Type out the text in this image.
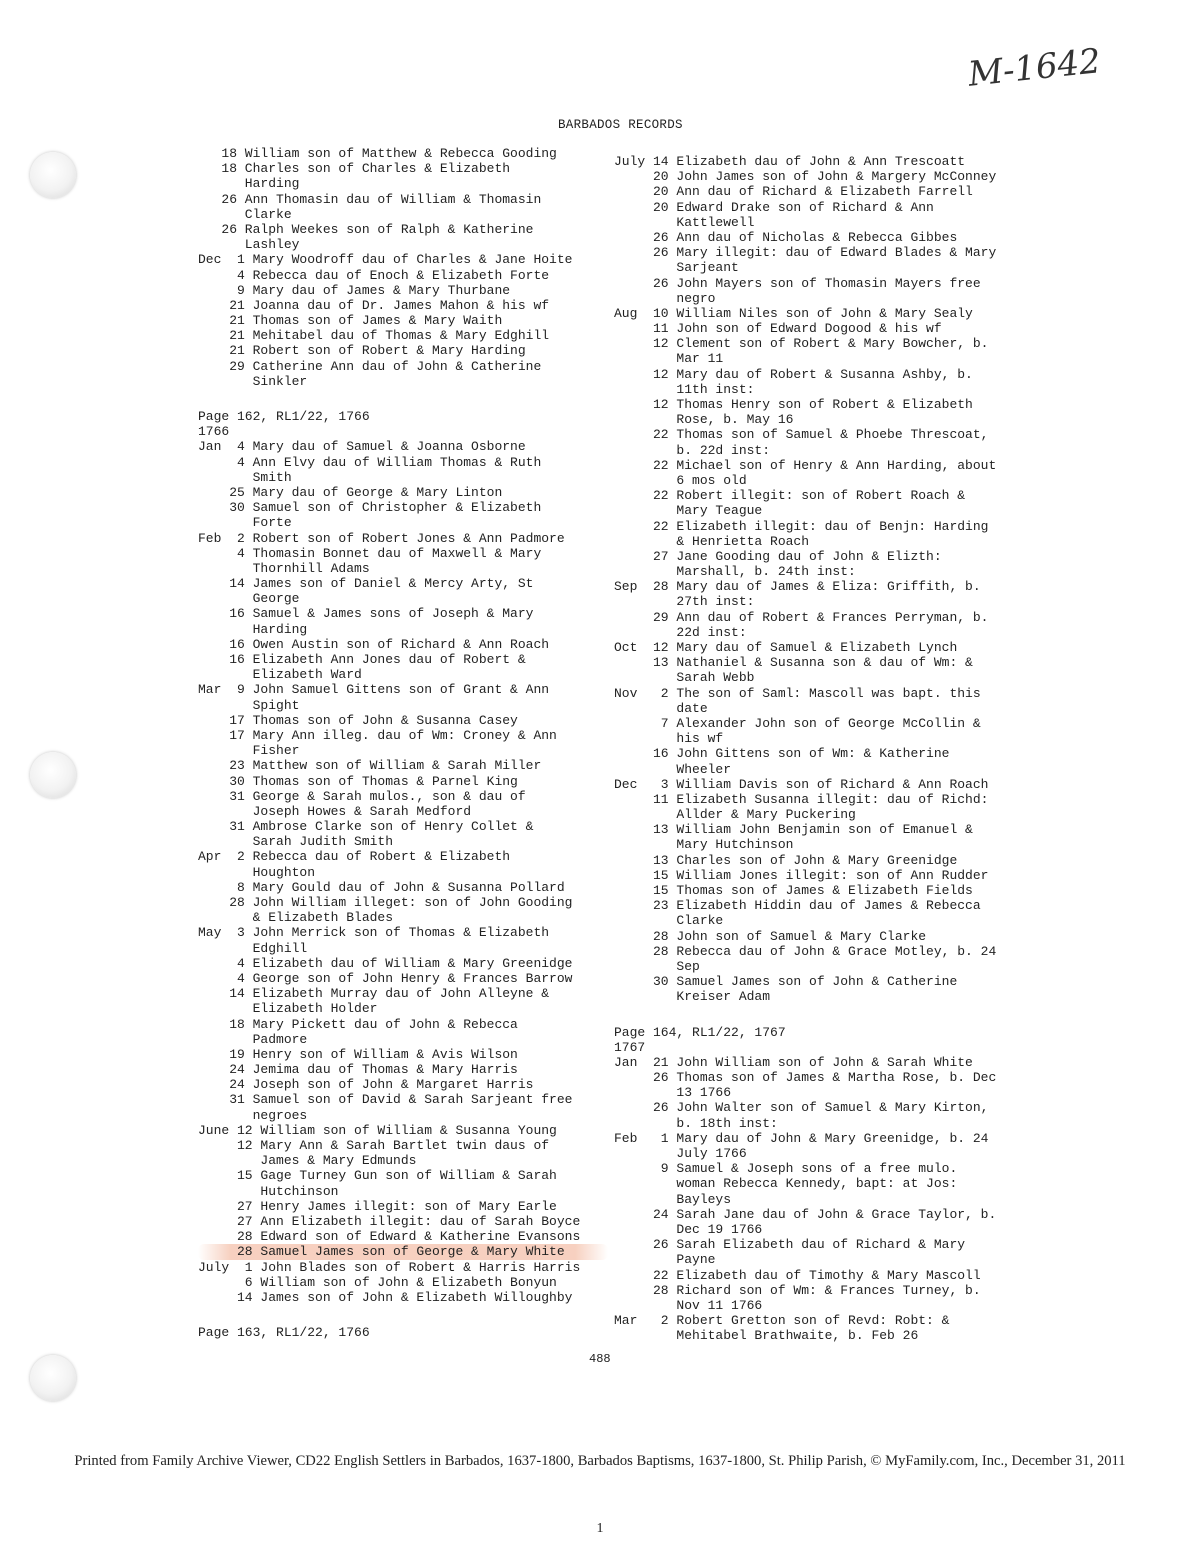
M-1642
BARBADOS RECORDS
18 William son of Matthew & Rebecca Gooding
18 Charles son of Charles & Elizabeth
Harding
26 Ann Thomasin dau of William & Thomasin
Clarke
26 Ralph Weekes son of Ralph & Katherine
Lashley
Dec  1 Mary Woodroff dau of Charles & Jane Hoite
4 Rebecca dau of Enoch & Elizabeth Forte
9 Mary dau of James & Mary Thurbane
21 Joanna dau of Dr. James Mahon & his wf
21 Thomas son of James & Mary Waith
21 Mehitabel dau of Thomas & Mary Edghill
21 Robert son of Robert & Mary Harding
29 Catherine Ann dau of John & Catherine
Sinkler
Page 162, RL1/22, 1766
1766
Jan  4 Mary dau of Samuel & Joanna Osborne
4 Ann Elvy dau of William Thomas & Ruth
Smith
25 Mary dau of George & Mary Linton
30 Samuel son of Christopher & Elizabeth
Forte
Feb  2 Robert son of Robert Jones & Ann Padmore
4 Thomasin Bonnet dau of Maxwell & Mary
Thornhill Adams
14 James son of Daniel & Mercy Arty, St
George
16 Samuel & James sons of Joseph & Mary
Harding
16 Owen Austin son of Richard & Ann Roach
16 Elizabeth Ann Jones dau of Robert &
Elizabeth Ward
Mar  9 John Samuel Gittens son of Grant & Ann
Spight
17 Thomas son of John & Susanna Casey
17 Mary Ann illeg. dau of Wm: Croney & Ann
Fisher
23 Matthew son of William & Sarah Miller
30 Thomas son of Thomas & Parnel King
31 George & Sarah mulos., son & dau of
Joseph Howes & Sarah Medford
31 Ambrose Clarke son of Henry Collet &
Sarah Judith Smith
Apr  2 Rebecca dau of Robert & Elizabeth
Houghton
8 Mary Gould dau of John & Susanna Pollard
28 John William illeget: son of John Gooding
& Elizabeth Blades
May  3 John Merrick son of Thomas & Elizabeth
Edghill
4 Elizabeth dau of William & Mary Greenidge
4 George son of John Henry & Frances Barrow
14 Elizabeth Murray dau of John Alleyne &
Elizabeth Holder
18 Mary Pickett dau of John & Rebecca
Padmore
19 Henry son of William & Avis Wilson
24 Jemima dau of Thomas & Mary Harris
24 Joseph son of John & Margaret Harris
31 Samuel son of David & Sarah Sarjeant free
negroes
June 12 William son of William & Susanna Young
12 Mary Ann & Sarah Bartlet twin daus of
James & Mary Edmunds
15 Gage Turney Gun son of William & Sarah
Hutchinson
27 Henry James illegit: son of Mary Earle
27 Ann Elizabeth illegit: dau of Sarah Boyce
28 Edward son of Edward & Katherine Evansons
28 Samuel James son of George & Mary White
July  1 John Blades son of Robert & Harris Harris
6 William son of John & Elizabeth Bonyun
14 James son of John & Elizabeth Willoughby
Page 163, RL1/22, 1766
July 14 Elizabeth dau of John & Ann Trescoatt
20 John James son of John & Margery McConney
20 Ann dau of Richard & Elizabeth Farrell
20 Edward Drake son of Richard & Ann
Kattlewell
26 Ann dau of Nicholas & Rebecca Gibbes
26 Mary illegit: dau of Edward Blades & Mary
Sarjeant
26 John Mayers son of Thomasin Mayers free
negro
Aug  10 William Niles son of John & Mary Sealy
11 John son of Edward Dogood & his wf
12 Clement son of Robert & Mary Bowcher, b.
Mar 11
12 Mary dau of Robert & Susanna Ashby, b.
11th inst:
12 Thomas Henry son of Robert & Elizabeth
Rose, b. May 16
22 Thomas son of Samuel & Phoebe Threscoat,
b. 22d inst:
22 Michael son of Henry & Ann Harding, about
6 mos old
22 Robert illegit: son of Robert Roach &
Mary Teague
22 Elizabeth illegit: dau of Benjn: Harding
& Henrietta Roach
27 Jane Gooding dau of John & Elizth:
Marshall, b. 24th inst:
Sep  28 Mary dau of James & Eliza: Griffith, b.
27th inst:
29 Ann dau of Robert & Frances Perryman, b.
22d inst:
Oct  12 Mary dau of Samuel & Elizabeth Lynch
13 Nathaniel & Susanna son & dau of Wm: &
Sarah Webb
Nov   2 The son of Saml: Mascoll was bapt. this
date
7 Alexander John son of George McCollin &
his wf
16 John Gittens son of Wm: & Katherine
Wheeler
Dec   3 William Davis son of Richard & Ann Roach
11 Elizabeth Susanna illegit: dau of Richd:
Allder & Mary Puckering
13 William John Benjamin son of Emanuel &
Mary Hutchinson
13 Charles son of John & Mary Greenidge
15 William Jones illegit: son of Ann Rudder
15 Thomas son of James & Elizabeth Fields
23 Elizabeth Hiddin dau of James & Rebecca
Clarke
28 John son of Samuel & Mary Clarke
28 Rebecca dau of John & Grace Motley, b. 24
Sep
30 Samuel James son of John & Catherine
Kreiser Adam
Page 164, RL1/22, 1767
1767
Jan  21 John William son of John & Sarah White
26 Thomas son of James & Martha Rose, b. Dec
13 1766
26 John Walter son of Samuel & Mary Kirton,
b. 18th inst:
Feb   1 Mary dau of John & Mary Greenidge, b. 24
July 1766
9 Samuel & Joseph sons of a free mulo.
woman Rebecca Kennedy, bapt: at Jos:
Bayleys
24 Sarah Jane dau of John & Grace Taylor, b.
Dec 19 1766
26 Sarah Elizabeth dau of Richard & Mary
Payne
22 Elizabeth dau of Timothy & Mary Mascoll
28 Richard son of Wm: & Frances Turney, b.
Nov 11 1766
Mar   2 Robert Gretton son of Revd: Robt: &
Mehitabel Brathwaite, b. Feb 26
488
Printed from Family Archive Viewer, CD22 English Settlers in Barbados, 1637-1800, Barbados Baptisms, 1637-1800, St. Philip Parish, © MyFamily.com, Inc., December 31, 2011
1
